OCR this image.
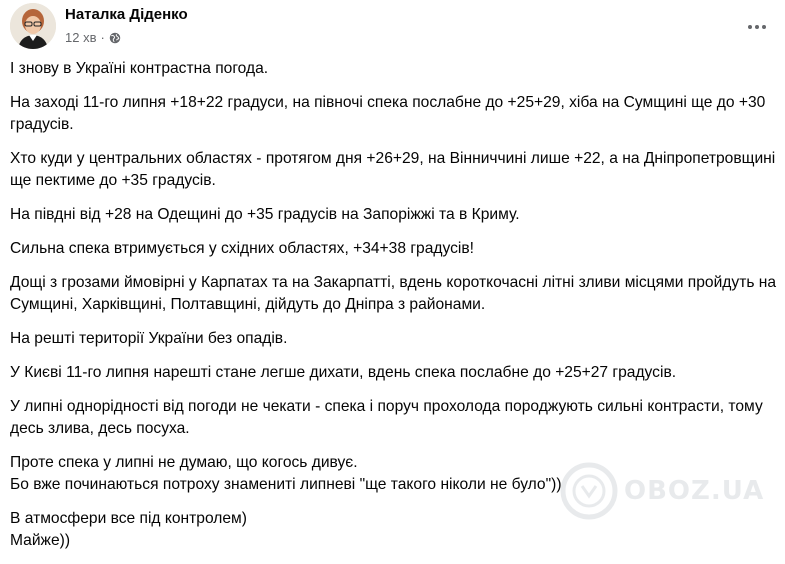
Наталка Діденко
12 хв ·

І знову в Україні контрастна погода.

На заході 11-го липня +18+22 градуси, на півночі спека послабне до +25+29, хіба на Сумщині ще до +30 градусів.

Хто куди у центральних областях - протягом дня +26+29, на Вінниччині лише +22, а на Дніпропетровщині ще пектиме до +35 градусів.

На півдні від +28 на Одещині до +35 градусів на Запоріжжі та в Криму.

Сильна спека втримується у східних областях, +34+38 градусів!

Дощі з грозами ймовірні у Карпатах та на Закарпатті, вдень короткочасні літні зливи місцями пройдуть на Сумщині, Харківщині, Полтавщині, дійдуть до Дніпра з районами.

На решті території України без опадів.

У Києві 11-го липня нарешті стане легше дихати, вдень спека послабне до +25+27 градусів.

У липні однорідності від погоди не чекати - спека і поруч прохолода породжують сильні контрасти, тому десь злива, десь посуха.

Проте спека у липні не думаю, що когось дивує.
Бо вже починаються потроху знамениті липневі "ще такого ніколи не було"))

В атмосфери все під контролем)
Майже))

OBOZ.UA
